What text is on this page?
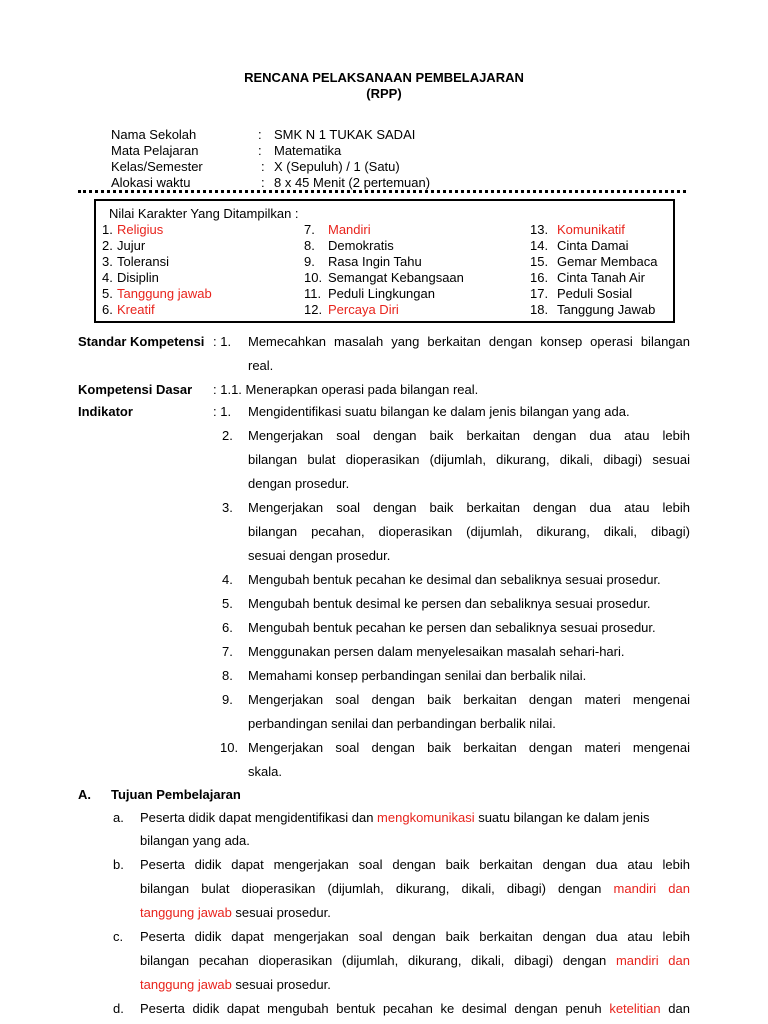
RENCANA PELAKSANAAN PEMBELAJARAN
(RPP)
Nama Sekolah	: SMK N 1 TUKAK SADAI
Mata Pelajaran	: Matematika
Kelas/Semester	: X (Sepuluh) / 1 (Satu)
Alokasi waktu	: 8 x 45 Menit (2 pertemuan)
Nilai Karakter Yang Ditampilkan :
1. Religius
2. Jujur
3. Toleransi
4. Disiplin
5. Tanggung jawab
6. Kreatif
7. Mandiri
8. Demokratis
9. Rasa Ingin Tahu
10. Semangat Kebangsaan
11. Peduli Lingkungan
12. Percaya Diri
13. Komunikatif
14. Cinta Damai
15. Gemar Membaca
16. Cinta Tanah Air
17. Peduli Sosial
18. Tanggung Jawab
Standar Kompetensi : 1. Memecahkan masalah yang berkaitan dengan konsep operasi bilangan
real.
Kompetensi Dasar : 1.1. Menerapkan operasi pada bilangan real.
Indikator	: 1. Mengidentifikasi suatu bilangan ke dalam jenis bilangan yang ada.
2. Mengerjakan soal dengan baik berkaitan dengan dua atau lebih
bilangan bulat dioperasikan (dijumlah, dikurang, dikali, dibagi) sesuai
dengan prosedur.
3. Mengerjakan soal dengan baik berkaitan dengan dua atau lebih
bilangan pecahan, dioperasikan (dijumlah, dikurang, dikali, dibagi)
sesuai dengan prosedur.
4. Mengubah bentuk pecahan ke desimal dan sebaliknya sesuai prosedur.
5. Mengubah bentuk desimal ke persen dan sebaliknya sesuai prosedur.
6. Mengubah bentuk pecahan ke persen dan sebaliknya sesuai prosedur.
7. Menggunakan persen dalam menyelesaikan masalah sehari-hari.
8. Memahami konsep perbandingan senilai dan berbalik nilai.
9. Mengerjakan soal dengan baik berkaitan dengan materi mengenai
perbandingan senilai dan perbandingan berbalik nilai.
10. Mengerjakan soal dengan baik berkaitan dengan materi mengenai
skala.
A. Tujuan Pembelajaran
a. Peserta didik dapat mengidentifikasi dan mengkomunikasi suatu bilangan ke dalam jenis
bilangan yang ada.
b. Peserta didik dapat mengerjakan soal dengan baik berkaitan dengan dua atau lebih
bilangan bulat dioperasikan (dijumlah, dikurang, dikali, dibagi) dengan mandiri dan
tanggung jawab sesuai prosedur.
c. Peserta didik dapat mengerjakan soal dengan baik berkaitan dengan dua atau lebih
bilangan pecahan dioperasikan (dijumlah, dikurang, dikali, dibagi) dengan mandiri dan
tanggung jawab sesuai prosedur.
d. Peserta didik dapat mengubah bentuk pecahan ke desimal dengan penuh ketelitian dan
